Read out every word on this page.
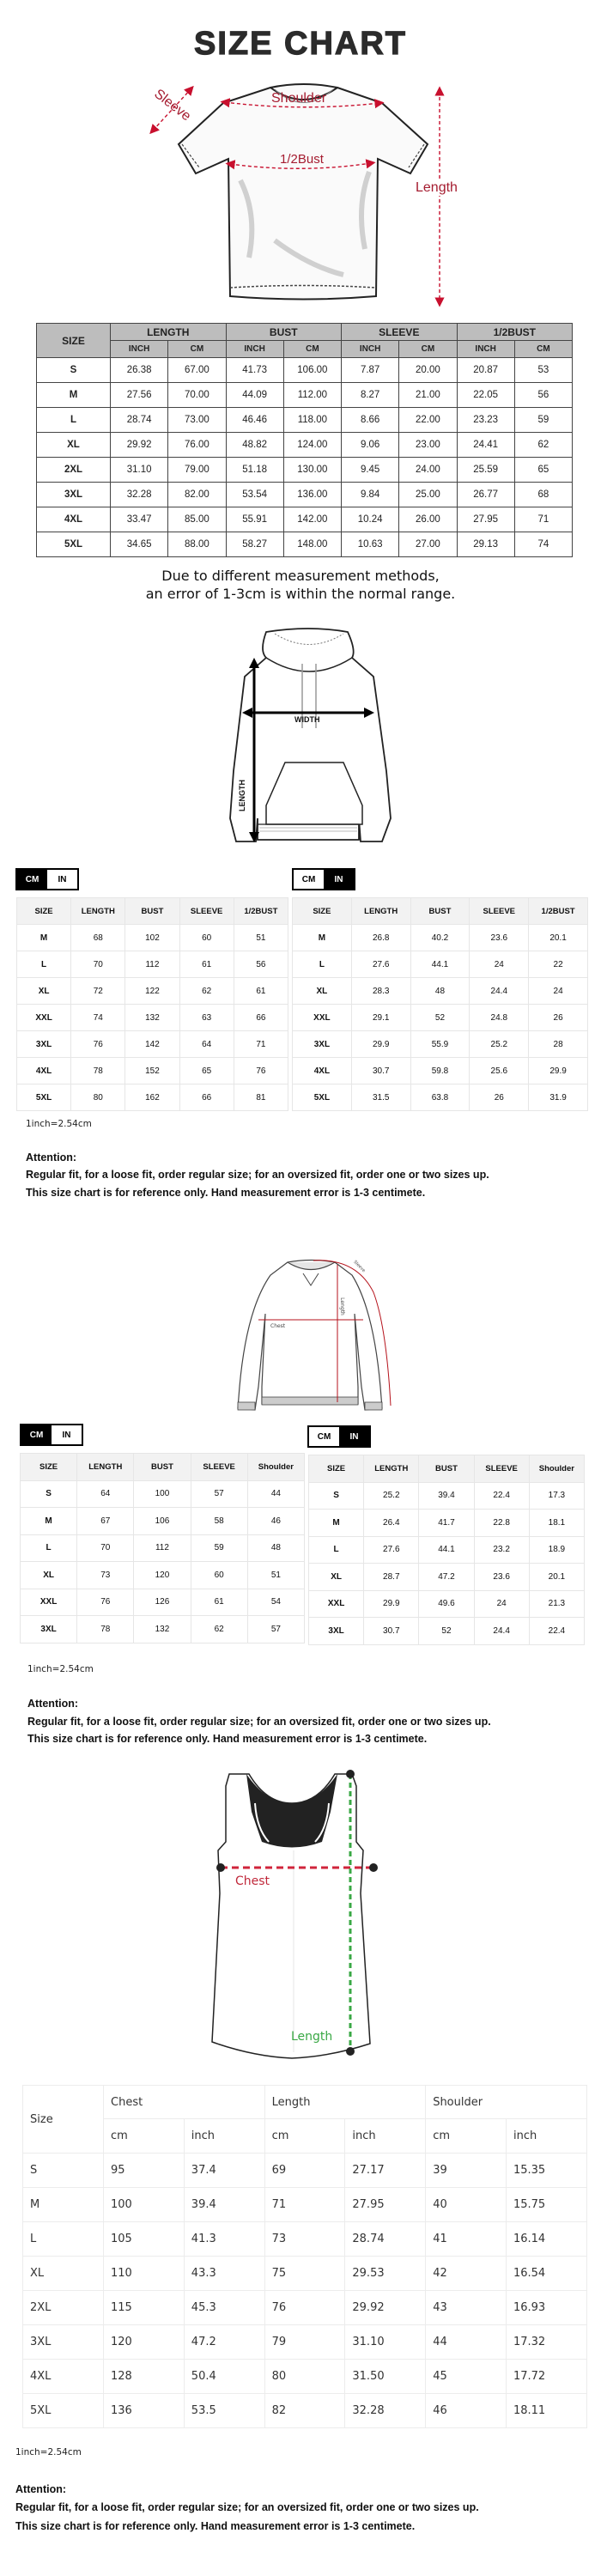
SIZE CHART
Sleeve	Shoulder
1/2Bust
Length
SIZE	LENGTH		BUST		SLEEVE		1/2BUST	
	INCH	CM	INCH	CM	INCH	CM	INCH	CM
S	26.38	67.00	41.73	106.00	7.87	20.00	20.87	53
M	27.56	70.00	44.09	112.00	8.27	21.00	22.05	56
L	28.74	73.00	46.46	118.00	8.66	22.00	23.23	59
XL	29.92	76.00	48.82	124.00	9.06	23.00	24.41	62
2XL	31.10	79.00	51.18	130.00	9.45	24.00	25.59	65
3XL	32.28	82.00	53.54	136.00	9.84	25.00	26.77	68
4XL	33.47	85.00	55.91	142.00	10.24	26.00	27.95	71
5XL	34.65	88.00	58.27	148.00	10.63	27.00	29.13	74
Due to different measurement methods,
an error of 1-3cm is within the normal range.
WIDTH
LENGTH
CM	IN
SIZE	LENGTH	BUST	SLEEVE	1/2BUST
M	68	102	60	51
L	70	112	61	56
XL	72	122	62	61
XXL	74	132	63	66
3XL	76	142	64	71
4XL	78	152	65	76
5XL	80	162	66	81
CM	IN
SIZE	LENGTH	BUST	SLEEVE	1/2BUST
M	26.8	40.2	23.6	20.1
L	27.6	44.1	24	22
XL	28.3	48	24.4	24
XXL	29.1	52	24.8	26
3XL	29.9	55.9	25.2	28
4XL	30.7	59.8	25.6	29.9
5XL	31.5	63.8	26	31.9
1inch=2.54cm
Attention:
Regular fit, for a loose fit, order regular size; for an oversized fit, order one or two sizes up.
This size chart is for reference only. Hand measurement error is 1-3 centimete.
Chest
Length
Sleeve
CM	IN
SIZE	LENGTH	BUST	SLEEVE	Shoulder
S	64	100	57	44
M	67	106	58	46
L	70	112	59	48
XL	73	120	60	51
XXL	76	126	61	54
3XL	78	132	62	57
CM	IN
SIZE	LENGTH	BUST	SLEEVE	Shoulder
S	25.2	39.4	22.4	17.3
M	26.4	41.7	22.8	18.1
L	27.6	44.1	23.2	18.9
XL	28.7	47.2	23.6	20.1
XXL	29.9	49.6	24	21.3
3XL	30.7	52	24.4	22.4
1inch=2.54cm
Attention:
Regular fit, for a loose fit, order regular size; for an oversized fit, order one or two sizes up.
This size chart is for reference only. Hand measurement error is 1-3 centimete.
Chest
Length
Size	Chest		Length		Shoulder	
	cm	inch	cm	inch	cm	inch
S	95	37.4	69	27.17	39	15.35
M	100	39.4	71	27.95	40	15.75
L	105	41.3	73	28.74	41	16.14
XL	110	43.3	75	29.53	42	16.54
2XL	115	45.3	76	29.92	43	16.93
3XL	120	47.2	79	31.10	44	17.32
4XL	128	50.4	80	31.50	45	17.72
5XL	136	53.5	82	32.28	46	18.11
1inch=2.54cm
Attention:
Regular fit, for a loose fit, order regular size; for an oversized fit, order one or two sizes up.
This size chart is for reference only. Hand measurement error is 1-3 centimete.
